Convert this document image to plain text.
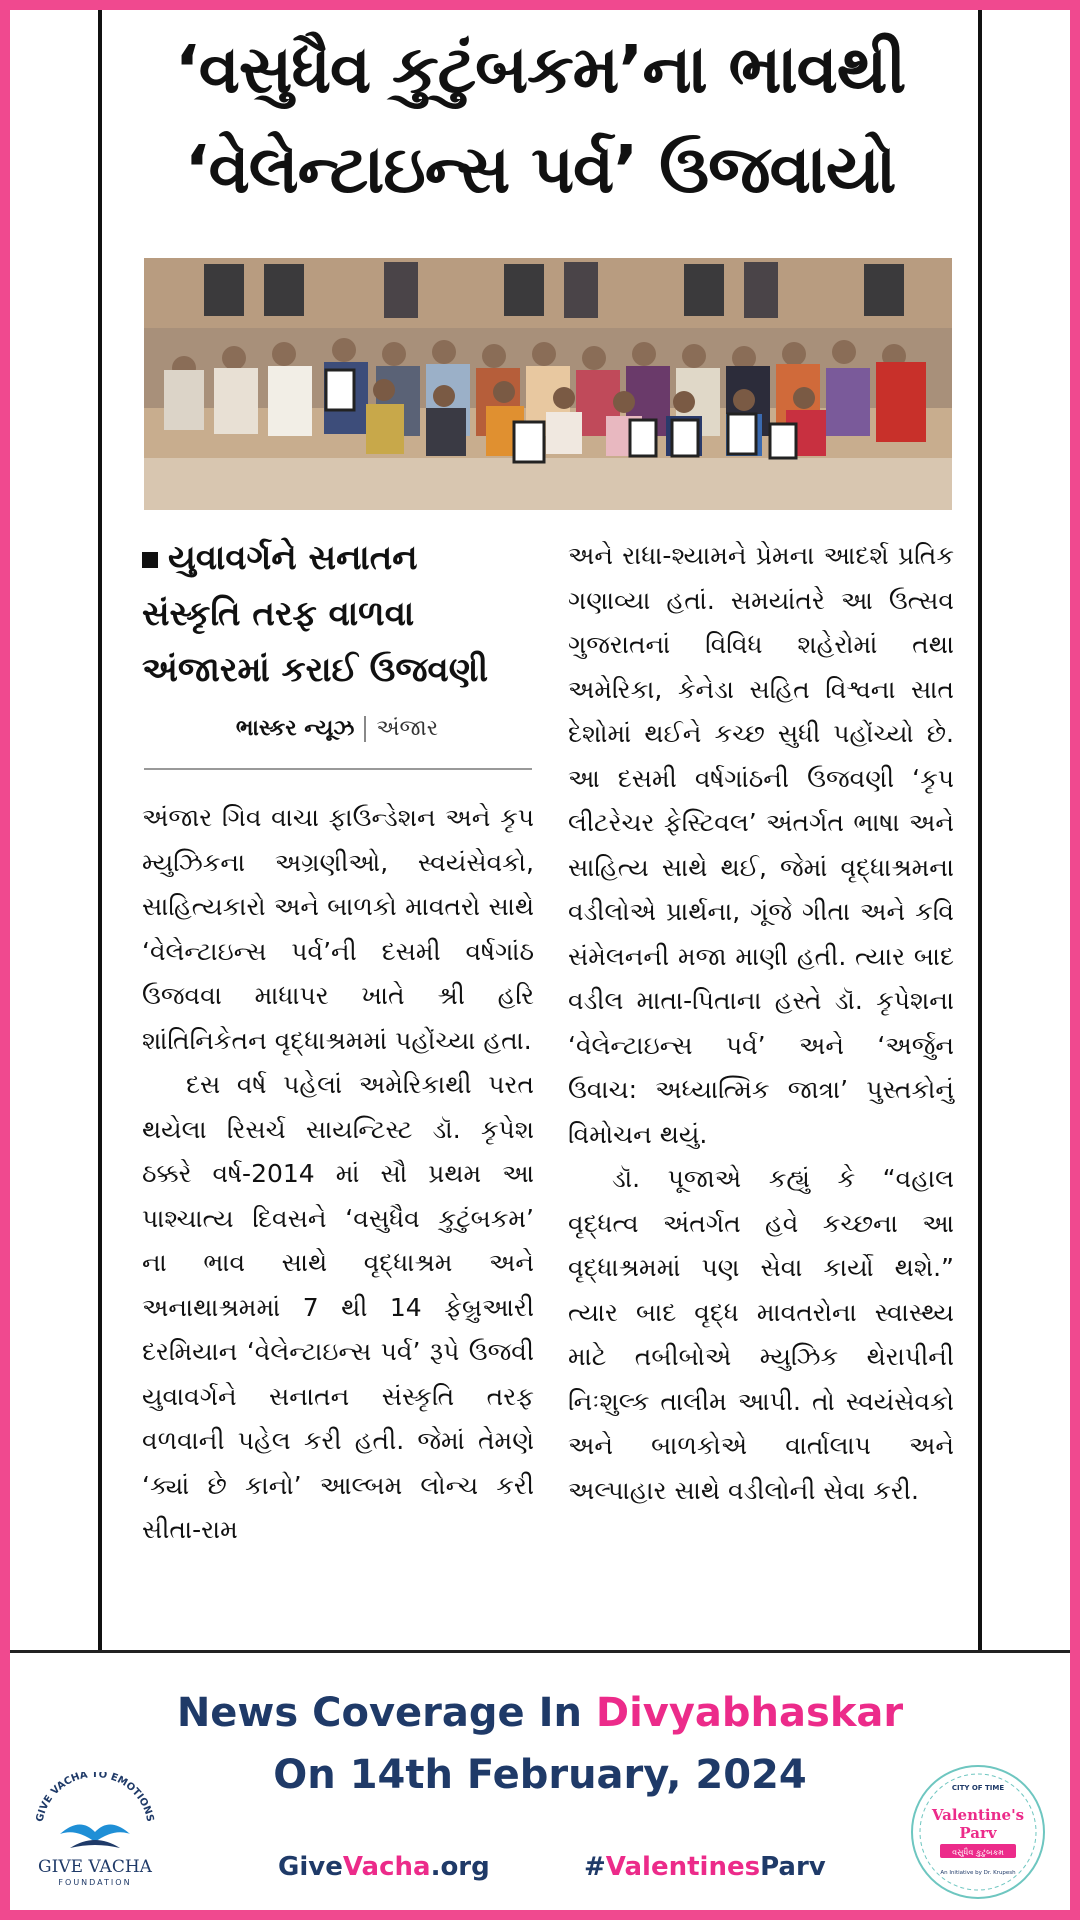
‘વસુધૈવ કુટુંબકમ’ના ભાવથી
‘વેલેન્ટાઇન્સ પર્વ’ ઉજવાયો
યુવાવર્ગને સનાતન
સંસ્કૃતિ તરફ વાળવા
અંજારમાં કરાઈ ઉજવણી
ભાસ્કર ન્યૂઝ અંજાર

અંજાર ગિવ વાચા ફાઉન્ડેશન અને કૃપ મ્યુઝિકના અગ્રણીઓ, સ્વયંસેવકો, સાહિત્યકારો અને બાળકો માવતરો સાથે ‘વેલેન્ટાઇન્સ પર્વ’ની દસમી વર્ષગાંઠ ઉજવવા માધાપર ખાતે શ્રી હરિ શાંતિનિકેતન વૃદ્ધાશ્રમમાં પહોંચ્યા હતા.

દસ વર્ષ પહેલાં અમેરિકાથી પરત થયેલા રિસર્ચ સાયન્ટિસ્ટ ડૉ. કૃપેશ ઠક્કરે વર્ષ-2014 માં સૌ પ્રથમ આ પાશ્ચાત્ય દિવસને ‘વસુધૈવ કુટુંબકમ’ ના ભાવ સાથે વૃદ્ધાશ્રમ અને અનાથાશ્રમમાં 7 થી 14 ફેબ્રુઆરી દરમિયાન ‘વેલેન્ટાઇન્સ પર્વ’ રૂપે ઉજવી યુવાવર્ગને સનાતન સંસ્કૃતિ તરફ વળવાની પહેલ કરી હતી. જેમાં તેમણે ‘ક્યાં છે કાનો’ આલ્બમ લોન્ચ કરી સીતા-રામ

અને રાધા-શ્યામને પ્રેમના આદર્શ પ્રતિક ગણાવ્યા હતાં. સમયાંતરે આ ઉત્સવ ગુજરાતનાં વિવિધ શહેરોમાં તથા અમેરિકા, કેનેડા સહિત વિશ્વના સાત દેશોમાં થઈને કચ્છ સુધી પહોંચ્યો છે. આ દસમી વર્ષગાંઠની ઉજવણી ‘કૃપ લીટરેચર ફેસ્ટિવલ’ અંતર્ગત ભાષા અને સાહિત્ય સાથે થઈ, જેમાં વૃદ્ધાશ્રમના વડીલોએ પ્રાર્થના, ગૂંજે ગીતા અને કવિ સંમેલનની મજા માણી હતી. ત્યાર બાદ વડીલ માતા-પિતાના હસ્તે ડૉ. કૃપેશના ‘વેલેન્ટાઇન્સ પર્વ’ અને ‘અર્જુન ઉવાચ: અધ્યાત્મિક જાત્રા’ પુસ્તકોનું વિમોચન થયું.

ડૉ. પૂજાએ કહ્યું કે “વહાલ વૃદ્ધત્વ અંતર્ગત હવે કચ્છના આ વૃદ્ધાશ્રમમાં પણ સેવા કાર્યો થશે.” ત્યાર બાદ વૃદ્ધ માવતરોના સ્વાસ્થ્ય માટે તબીબોએ મ્યુઝિક થેરાપીની નિઃશુલ્ક તાલીમ આપી. તો સ્વયંસેવકો અને બાળકોએ વાર્તાલાપ અને અલ્પાહાર સાથે વડીલોની સેવા કરી.

News Coverage In Divyabhaskar
On 14th February, 2024
GiveVacha.org	#ValentinesParv
GIVE VACHA TO EMOTIONS
GIVE VACHA
FOUNDATION
CITY OF TIME
Valentine's
Parv
વસુધૈવ કુટુંબકમ
An Initiative by Dr. Krupesh
